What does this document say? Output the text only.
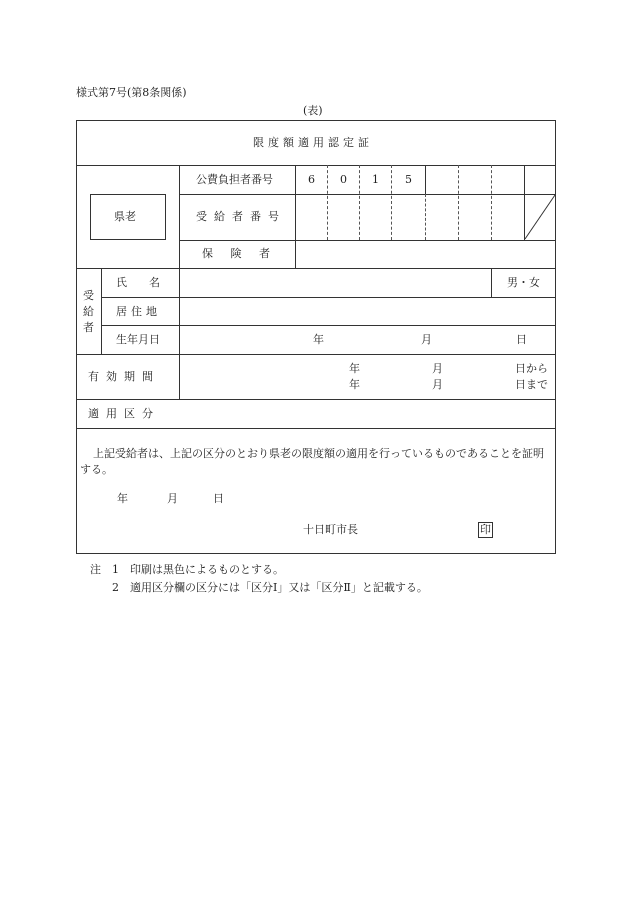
様式第7号(第8条関係)
(表)
限度額適用認定証
県老
公費負担者番号	6 0 1 5
受給者番号
保 険 者
受
給
者
氏　　名	男・女
居住地
生年月日	年	月	日
有効期間
年	月	日から
年	月	日まで
適用区分
上記受給者は、上記の区分のとおり県老の限度額の適用を行っているものであることを証明する。
年	月	日
十日町市長	印
注 1 印刷は黒色によるものとする。
2 適用区分欄の区分には「区分Ⅰ」又は「区分Ⅱ」と記載する。
